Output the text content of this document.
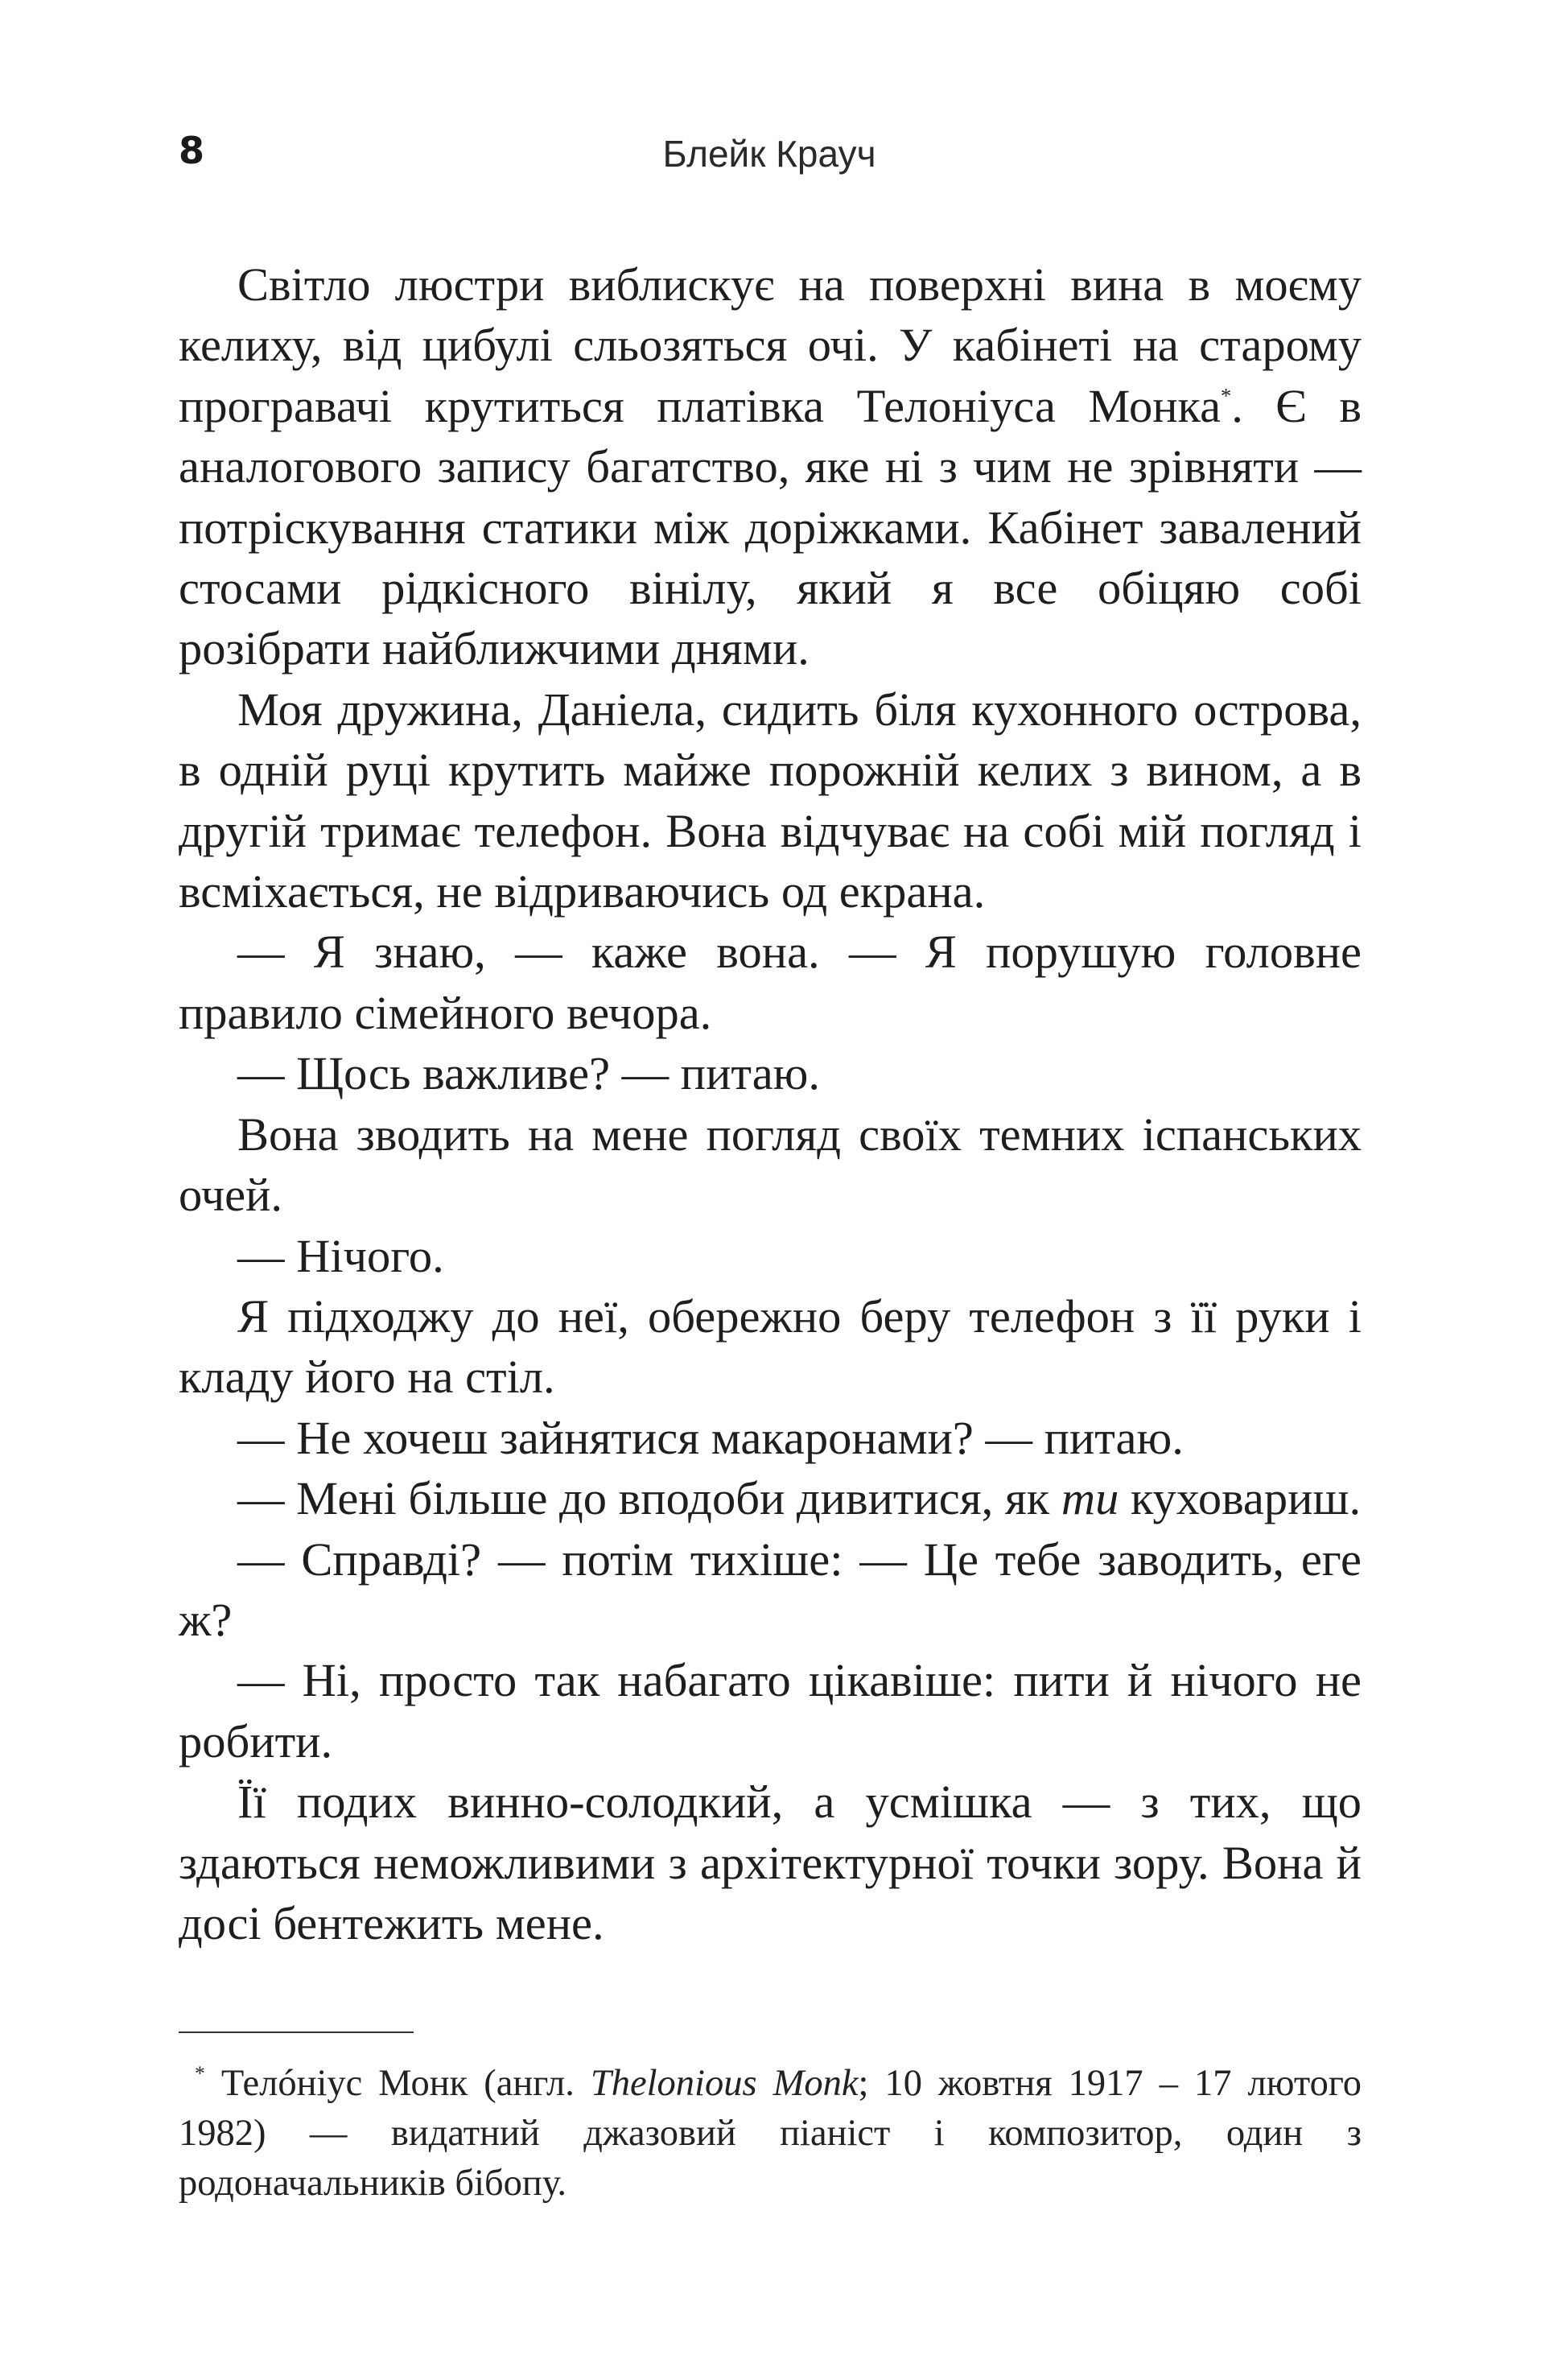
8	Блейк Крауч

Світло люстри виблискує на поверхні вина в моєму келиху, від цибулі сльозяться очі. У кабінеті на старому програвачі крутиться платівка Телоніуса Монка*. Є в аналогового запису багатство, яке ні з чим не зрівняти — потріскування статики між доріжками. Кабінет завалений стосами рідкісного вінілу, який я все обіцяю собі розібрати найближчими днями.

Моя дружина, Даніела, сидить біля кухонного острова, в одній руці крутить майже порожній келих з вином, а в другій тримає телефон. Вона відчуває на собі мій погляд і всміхається, не відриваючись од екрана.

— Я знаю, — каже вона. — Я порушую головне правило сімейного вечора.

— Щось важливе? — питаю.

Вона зводить на мене погляд своїх темних іспанських очей.

— Нічого.

Я підходжу до неї, обережно беру телефон з її руки і кладу його на стіл.

— Не хочеш зайнятися макаронами? — питаю.

— Мені більше до вподоби дивитися, як ти куховариш.

— Справді? — потім тихіше: — Це тебе заводить, еге ж?

— Ні, просто так набагато цікавіше: пити й нічого не робити.

Її подих винно-солодкий, а усмішка — з тих, що здаються неможливими з архітектурної точки зору. Вона й досі бентежить мене.

* Телóніус Монк (англ. Thelonious Monk; 10 жовтня 1917 – 17 лютого 1982) — видатний джазовий піаніст і композитор, один з родоначальників бібопу.
